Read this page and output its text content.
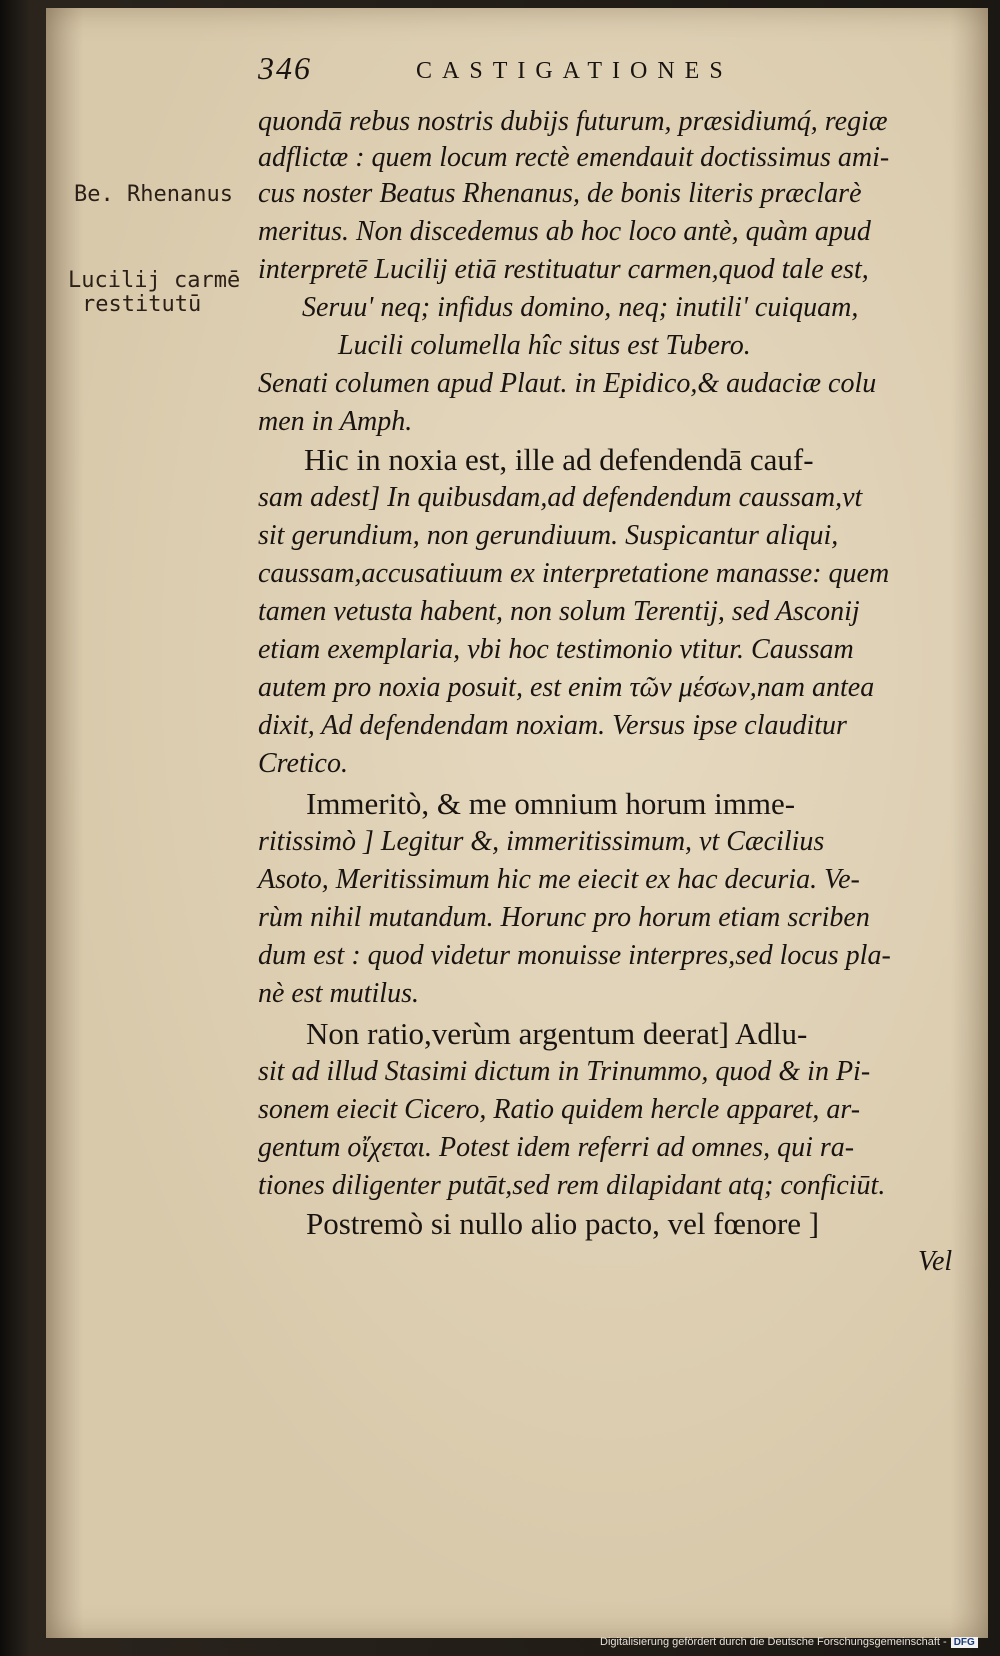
346	CASTIGATIONES
Be. Rhenanus
Lucilij carmē
restitutū
quondā rebus nostris dubijs futurum, præsidiumq́, regiæ
adflictæ : quem locum rectè emendauit doctissimus ami-
cus noster Beatus Rhenanus, de bonis literis præclarè
meritus. Non discedemus ab hoc loco antè, quàm apud
interpretē Lucilij etiā restituatur carmen,quod tale est,
Seruu' neq; infidus domino, neq; inutili' cuiquam,
Lucili columella hîc situs est Tubero.
Senati columen apud Plaut. in Epidico,& audaciæ colu
men in Amph.
Hic in noxia est, ille ad defendendā cauf-
sam adest] In quibusdam,ad defendendum caussam,vt
sit gerundium, non gerundiuum. Suspicantur aliqui,
caussam,accusatiuum ex interpretatione manasse: quem
tamen vetusta habent, non solum Terentij, sed Asconij
etiam exemplaria, vbi hoc testimonio vtitur. Caussam
autem pro noxia posuit, est enim τῶν μέσων,nam antea
dixit, Ad defendendam noxiam. Versus ipse clauditur
Cretico.
Immeritò, & me omnium horum imme-
ritissimò ] Legitur &, immeritissimum, vt Cæcilius
Asoto, Meritissimum hic me eiecit ex hac decuria. Ve-
rùm nihil mutandum. Horunc pro horum etiam scriben
dum est : quod videtur monuisse interpres,sed locus pla-
nè est mutilus.
Non ratio,verùm argentum deerat] Adlu-
sit ad illud Stasimi dictum in Trinummo, quod & in Pi-
sonem eiecit Cicero, Ratio quidem hercle apparet, ar-
gentum οἴχεται. Potest idem referri ad omnes, qui ra-
tiones diligenter putāt,sed rem dilapidant atq; conficiūt.
Postremò si nullo alio pacto, vel fœnore ]
Vel
Digitalisierung gefördert durch die Deutsche Forschungsgemeinschaft - DFG
